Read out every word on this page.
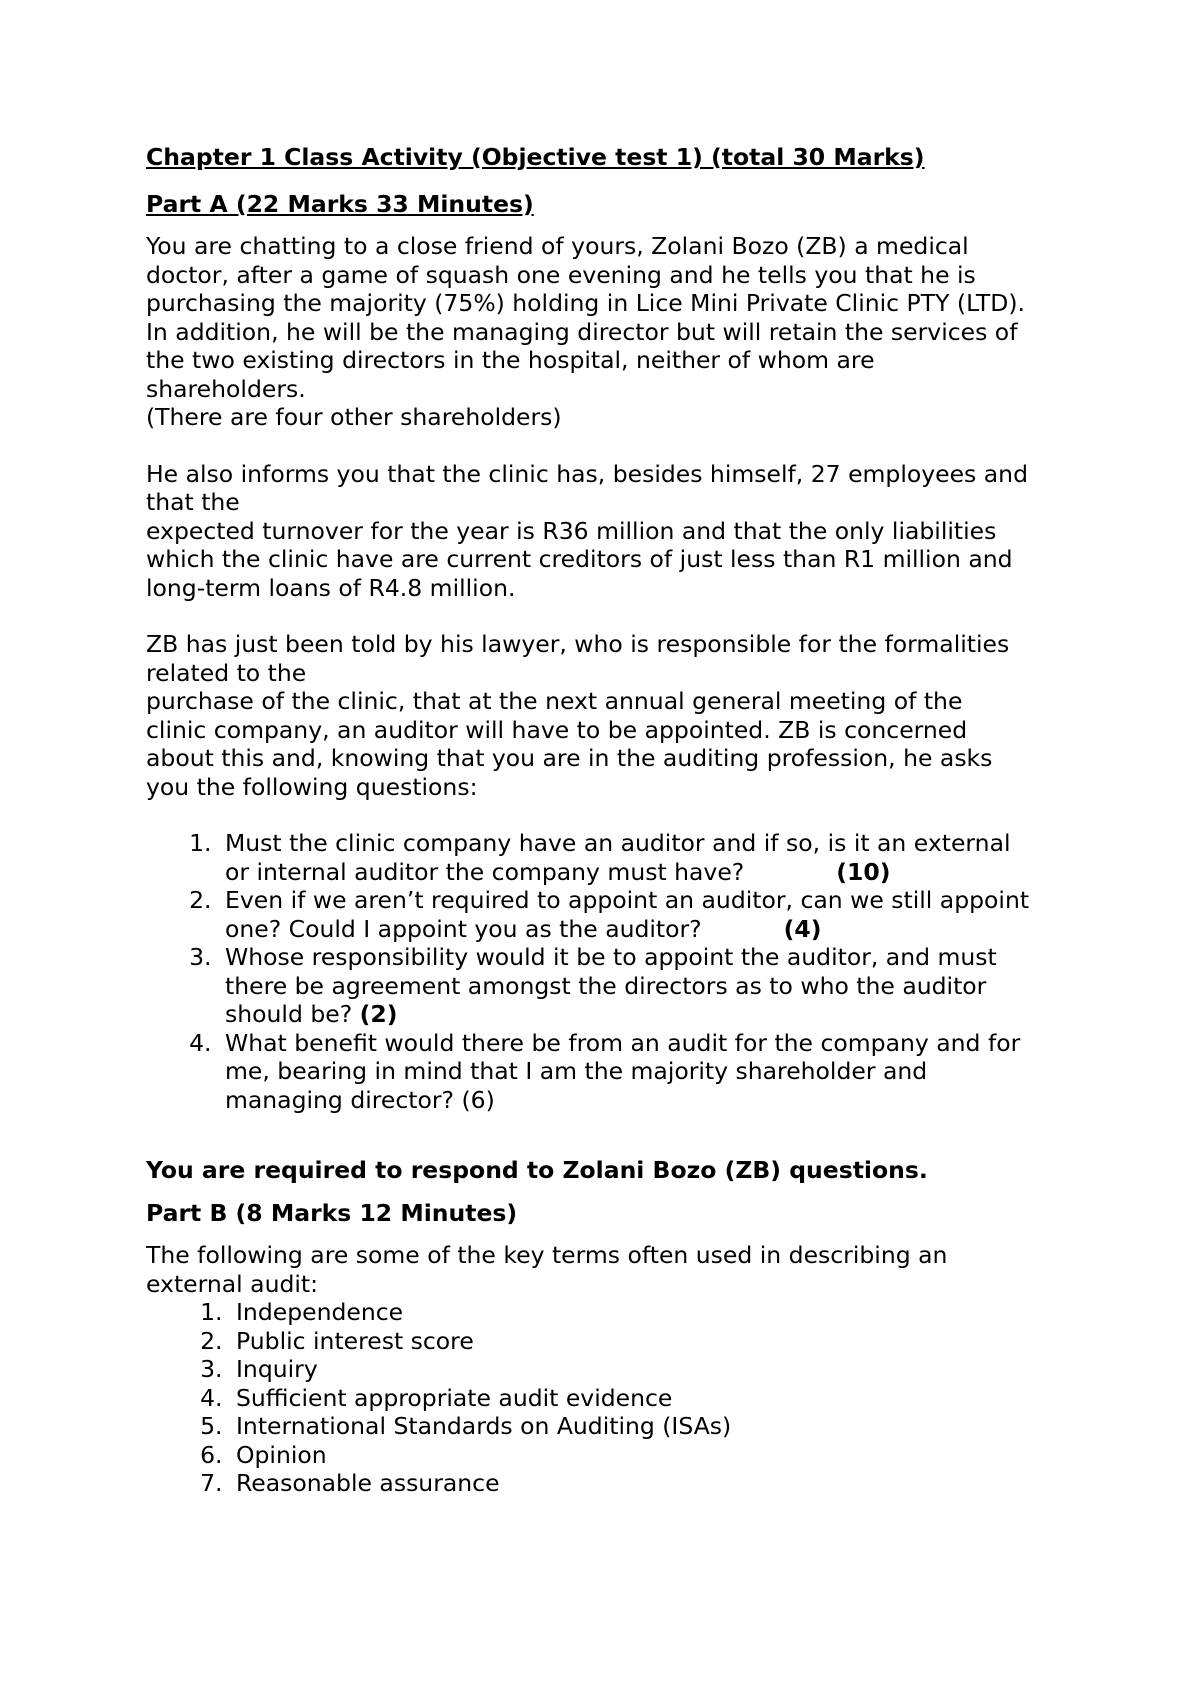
Chapter 1 Class Activity (Objective test 1) (total 30 Marks)

Part A (22 Marks 33 Minutes)

You are chatting to a close friend of yours, Zolani Bozo (ZB) a medical

doctor, after a game of squash one evening and he tells you that he is

purchasing the majority (75%) holding in Lice Mini Private Clinic PTY (LTD).

In addition, he will be the managing director but will retain the services of

the two existing directors in the hospital, neither of whom are

shareholders.

(There are four other shareholders)

He also informs you that the clinic has, besides himself, 27 employees and

that the

expected turnover for the year is R36 million and that the only liabilities

which the clinic have are current creditors of just less than R1 million and

long-term loans of R4.8 million.

ZB has just been told by his lawyer, who is responsible for the formalities

related to the

purchase of the clinic, that at the next annual general meeting of the

clinic company, an auditor will have to be appointed. ZB is concerned

about this and, knowing that you are in the auditing profession, he asks

you the following questions:

1. Must the clinic company have an auditor and if so, is it an external
or internal auditor the company must have?	(10)
2. Even if we aren’t required to appoint an auditor, can we still appoint
one? Could I appoint you as the auditor?	(4)
3. Whose responsibility would it be to appoint the auditor, and must
there be agreement amongst the directors as to who the auditor
should be? (2)
4. What benefit would there be from an audit for the company and for
me, bearing in mind that I am the majority shareholder and
managing director? (6)

You are required to respond to Zolani Bozo (ZB) questions.

Part B (8 Marks 12 Minutes)

The following are some of the key terms often used in describing an

external audit:

1. Independence
2. Public interest score
3. Inquiry
4. Sufficient appropriate audit evidence
5. International Standards on Auditing (ISAs)
6. Opinion
7. Reasonable assurance
